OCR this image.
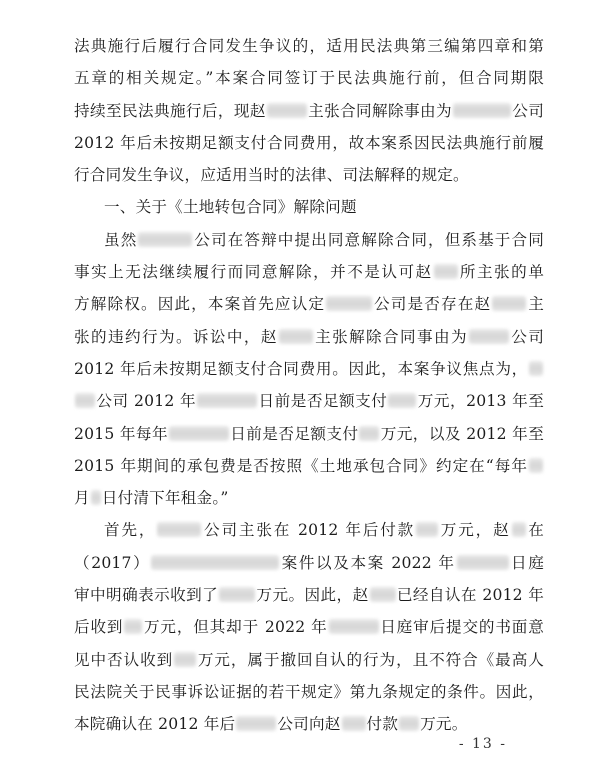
法典施行后履行合同发生争议的，适用民法典第三编第四章和第
五章的相关规定。”本案合同签订于民法典施行前，但合同期限
持续至民法典施行后，现赵	主张合同解除事由为	公司
2012 年后未按期足额支付合同费用，故本案系因民法典施行前履
行合同发生争议，应适用当时的法律、司法解释的规定。
一、关于《土地转包合同》解除问题
虽然	公司在答辩中提出同意解除合同，但系基于合同
事实上无法继续履行而同意解除，并不是认可赵 所主张的单
方解除权。因此，本案首先应认定	公司是否存在赵 主
张的违约行为。诉讼中，赵 主张解除合同事由为	公司
2012 年后未按期足额支付合同费用。因此，本案争议焦点为，
公司 2012 年	日前是否足额支付 万元，2013 年至
2015 年每年	日前是否足额支付 万元，以及 2012 年至
2015 年期间的承包费是否按照《土地承包合同》约定在“每年
月 日付清下年租金。”
首先，	公司主张在 2012 年后付款 万元，赵 在
（2017）	案件以及本案 2022 年	日庭
审中明确表示收到了 万元。因此，赵 已经自认在 2012 年
后收到 万元，但其却于 2022 年	日庭审后提交的书面意
见中否认收到 万元，属于撤回自认的行为，且不符合《最高人
民法院关于民事诉讼证据的若干规定》第九条规定的条件。因此，
本院确认在 2012 年后	公司向赵 付款 万元。
- 13 -
